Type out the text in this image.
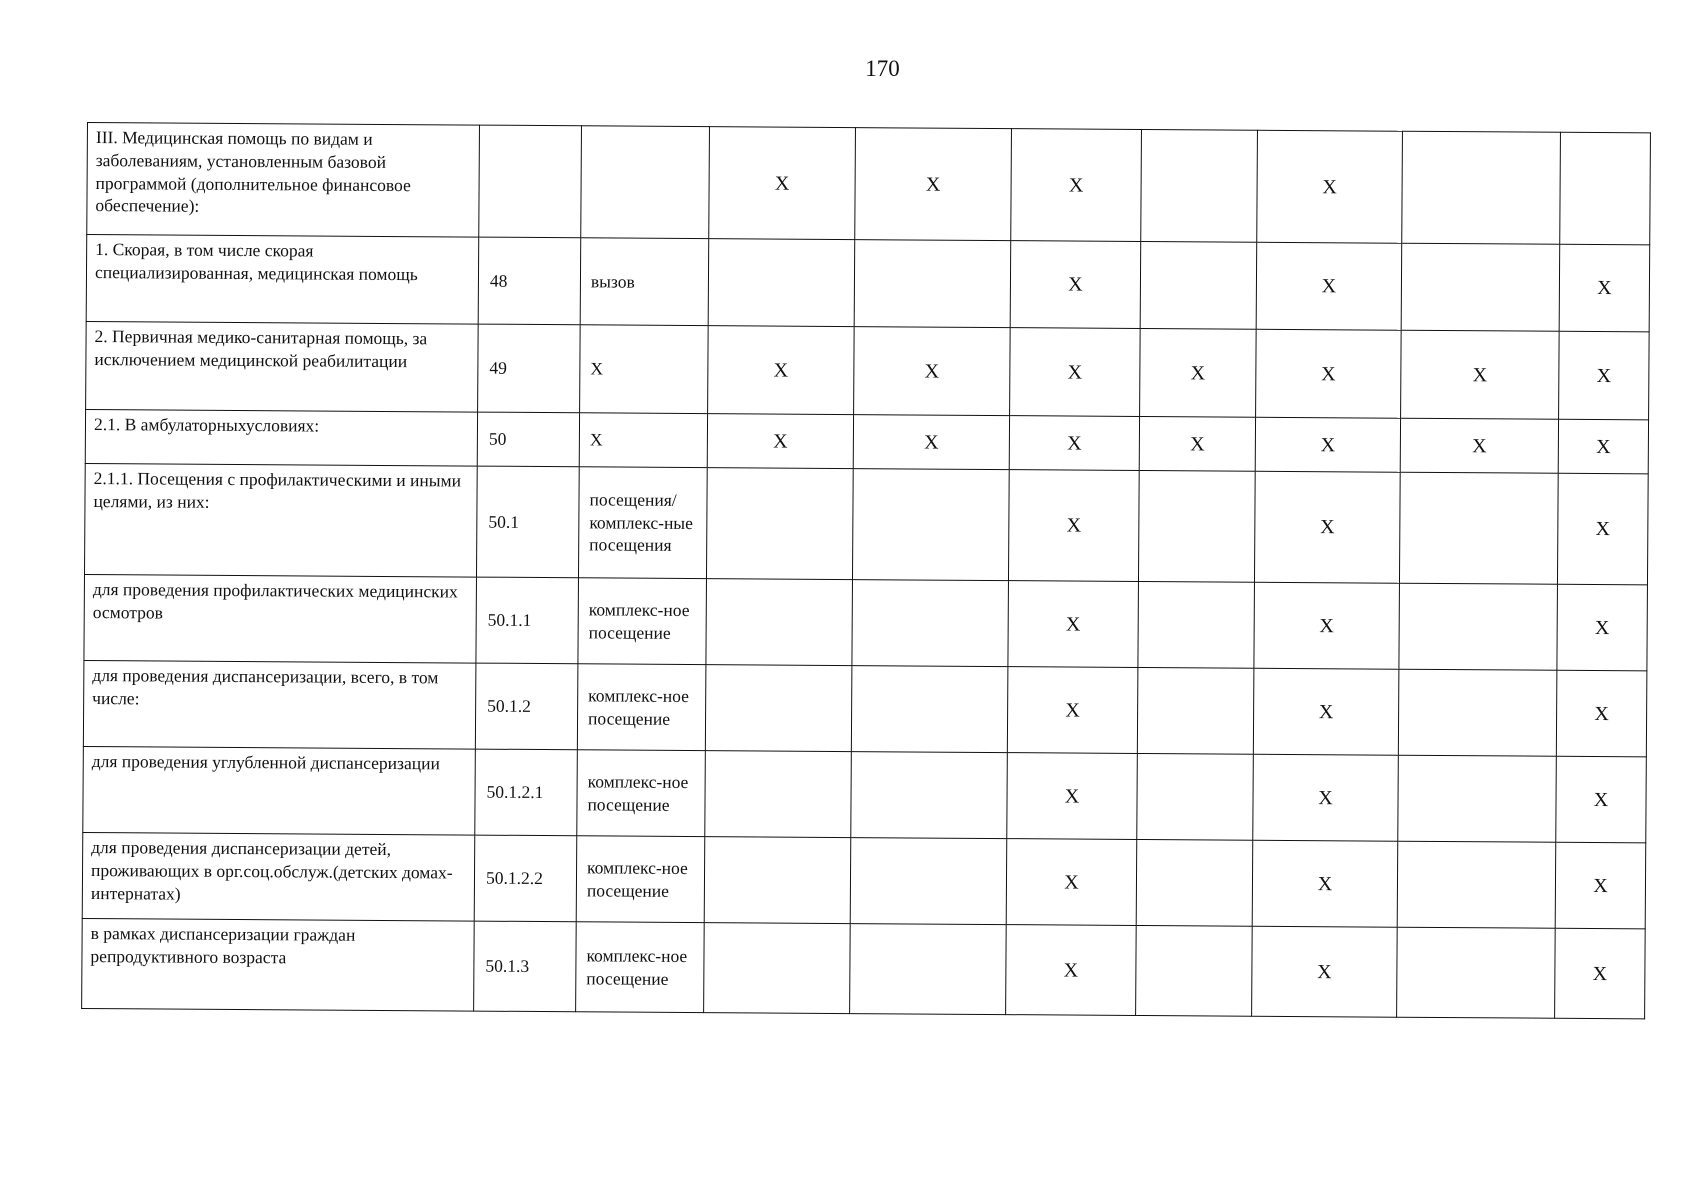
170
III. Медицинская помощь по видам и заболеваниям, установленным базовой программой (дополнительное финансовое обеспечение):			Х	Х	Х		Х		
1. Скорая, в том числе скорая специализированная, медицинская помощь	48	вызов			Х		Х		Х
2. Первичная медико-санитарная помощь, за исключением медицинской реабилитации	49	Х	Х	Х	Х	Х	Х	Х	Х
2.1. В амбулаторныхусловиях:	50	Х	Х	Х	Х	Х	Х	Х	Х
2.1.1. Посещения с профилактическими и иными целями, из них:	50.1	посещения/ комплекс-ные посещения			Х		Х		Х
для проведения профилактических медицинских осмотров	50.1.1	комплекс-ное посещение			Х		Х		Х
для проведения диспансеризации, всего, в том числе:	50.1.2	комплекс-ное посещение			Х		Х		Х
для проведения углубленной диспансеризации	50.1.2.1	комплекс-ное посещение			Х		Х		Х
для проведения диспансеризации детей, проживающих в орг.соц.обслуж.(детских домах-интернатах)	50.1.2.2	комплекс-ное посещение			Х		Х		Х
в рамках диспансеризации граждан репродуктивного возраста	50.1.3	комплекс-ное посещение			Х		Х		Х
